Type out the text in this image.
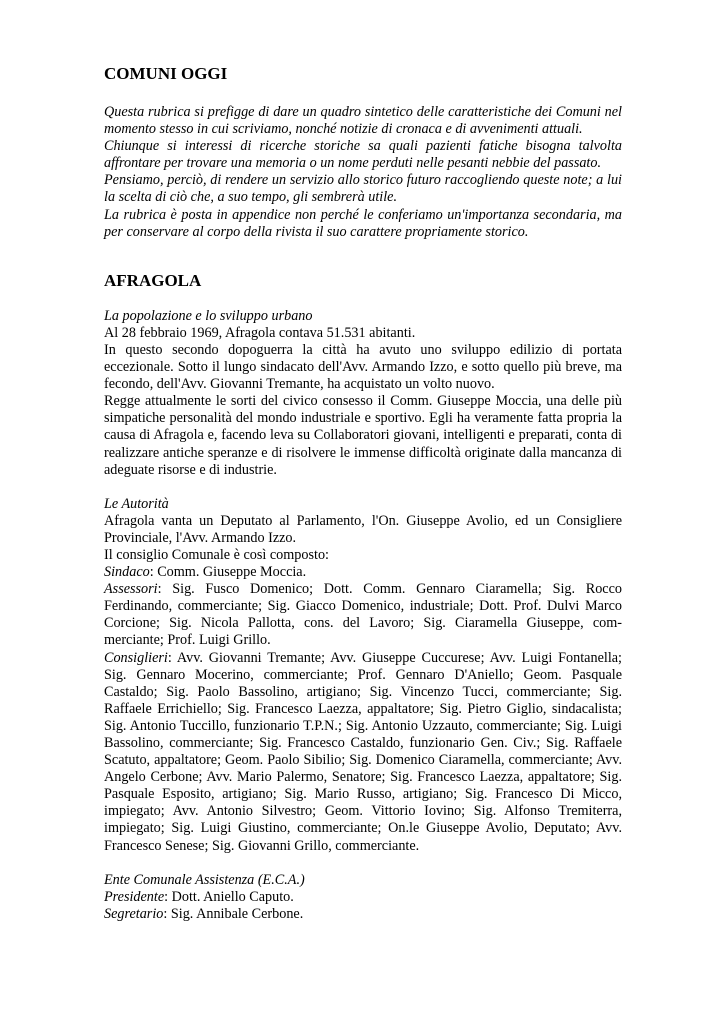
COMUNI OGGI

Questa rubrica si prefigge di dare un quadro sintetico delle caratteristiche dei Comuni nel momento stesso in cui scriviamo, nonché notizie di cronaca e di avvenimenti attuali.

Chiunque si interessi di ricerche storiche sa quali pazienti fatiche bisogna talvolta affrontare per trovare una memoria o un nome perduti nelle pesanti nebbie del passato.

Pensiamo, perciò, di rendere un servizio allo storico futuro raccogliendo queste note; a lui la scelta di ciò che, a suo tempo, gli sembrerà utile.

La rubrica è posta in appendice non perché le conferiamo un'importanza secondaria, ma per conservare al corpo della rivista il suo carattere propriamente storico.

AFRAGOLA

La popolazione e lo sviluppo urbano

Al 28 febbraio 1969, Afragola contava 51.531 abitanti.

In questo secondo dopoguerra la città ha avuto uno sviluppo edilizio di portata eccezionale. Sotto il lungo sindacato dell'Avv. Armando Izzo, e sotto quello più breve, ma fecondo, dell'Avv. Giovanni Tremante, ha acquistato un volto nuovo.

Regge attualmente le sorti del civico consesso il Comm. Giuseppe Moccia, una delle più simpatiche personalità del mondo industriale e sportivo. Egli ha veramente fatta propria la causa di Afragola e, facendo leva su Collaboratori giovani, intelligenti e preparati, conta di realizzare antiche speranze e di risolvere le immense difficoltà originate dalla mancanza di adeguate risorse e di industrie.

Le Autorità

Afragola vanta un Deputato al Parlamento, l'On. Giuseppe Avolio, ed un Consigliere Provinciale, l'Avv. Armando Izzo.

Il consiglio Comunale è così composto:

Sindaco: Comm. Giuseppe Moccia.

Assessori: Sig. Fusco Domenico; Dott. Comm. Gennaro Ciaramella; Sig. Rocco Ferdinando, commerciante; Sig. Giacco Domenico, industriale; Dott. Prof. Dulvi Marco Corcione; Sig. Nicola Pallotta, cons. del Lavoro; Sig. Ciaramella Giuseppe, com-merciante; Prof. Luigi Grillo.

Consiglieri: Avv. Giovanni Tremante; Avv. Giuseppe Cuccurese; Avv. Luigi Fontanella; Sig. Gennaro Mocerino, commerciante; Prof. Gennaro D'Aniello; Geom. Pasquale Castaldo; Sig. Paolo Bassolino, artigiano; Sig. Vincenzo Tucci, commerciante; Sig. Raffaele Errichiello; Sig. Francesco Laezza, appaltatore; Sig. Pietro Giglio, sindacalista; Sig. Antonio Tuccillo, funzionario T.P.N.; Sig. Antonio Uzzauto, commerciante; Sig. Luigi Bassolino, commerciante; Sig. Francesco Castaldo, funzionario Gen. Civ.; Sig. Raffaele Scatuto, appaltatore; Geom. Paolo Sibilio; Sig. Domenico Ciaramella, commerciante; Avv. Angelo Cerbone; Avv. Mario Palermo, Senatore; Sig. Francesco Laezza, appaltatore; Sig. Pasquale Esposito, artigiano; Sig. Mario Russo, artigiano; Sig. Francesco Di Micco, impiegato; Avv. Antonio Silvestro; Geom. Vittorio Iovino; Sig. Alfonso Tremiterra, impiegato; Sig. Luigi Giustino, commerciante; On.le Giuseppe Avolio, Deputato; Avv. Francesco Senese; Sig. Giovanni Grillo, commerciante.

Ente Comunale Assistenza (E.C.A.)

Presidente: Dott. Aniello Caputo.

Segretario: Sig. Annibale Cerbone.
